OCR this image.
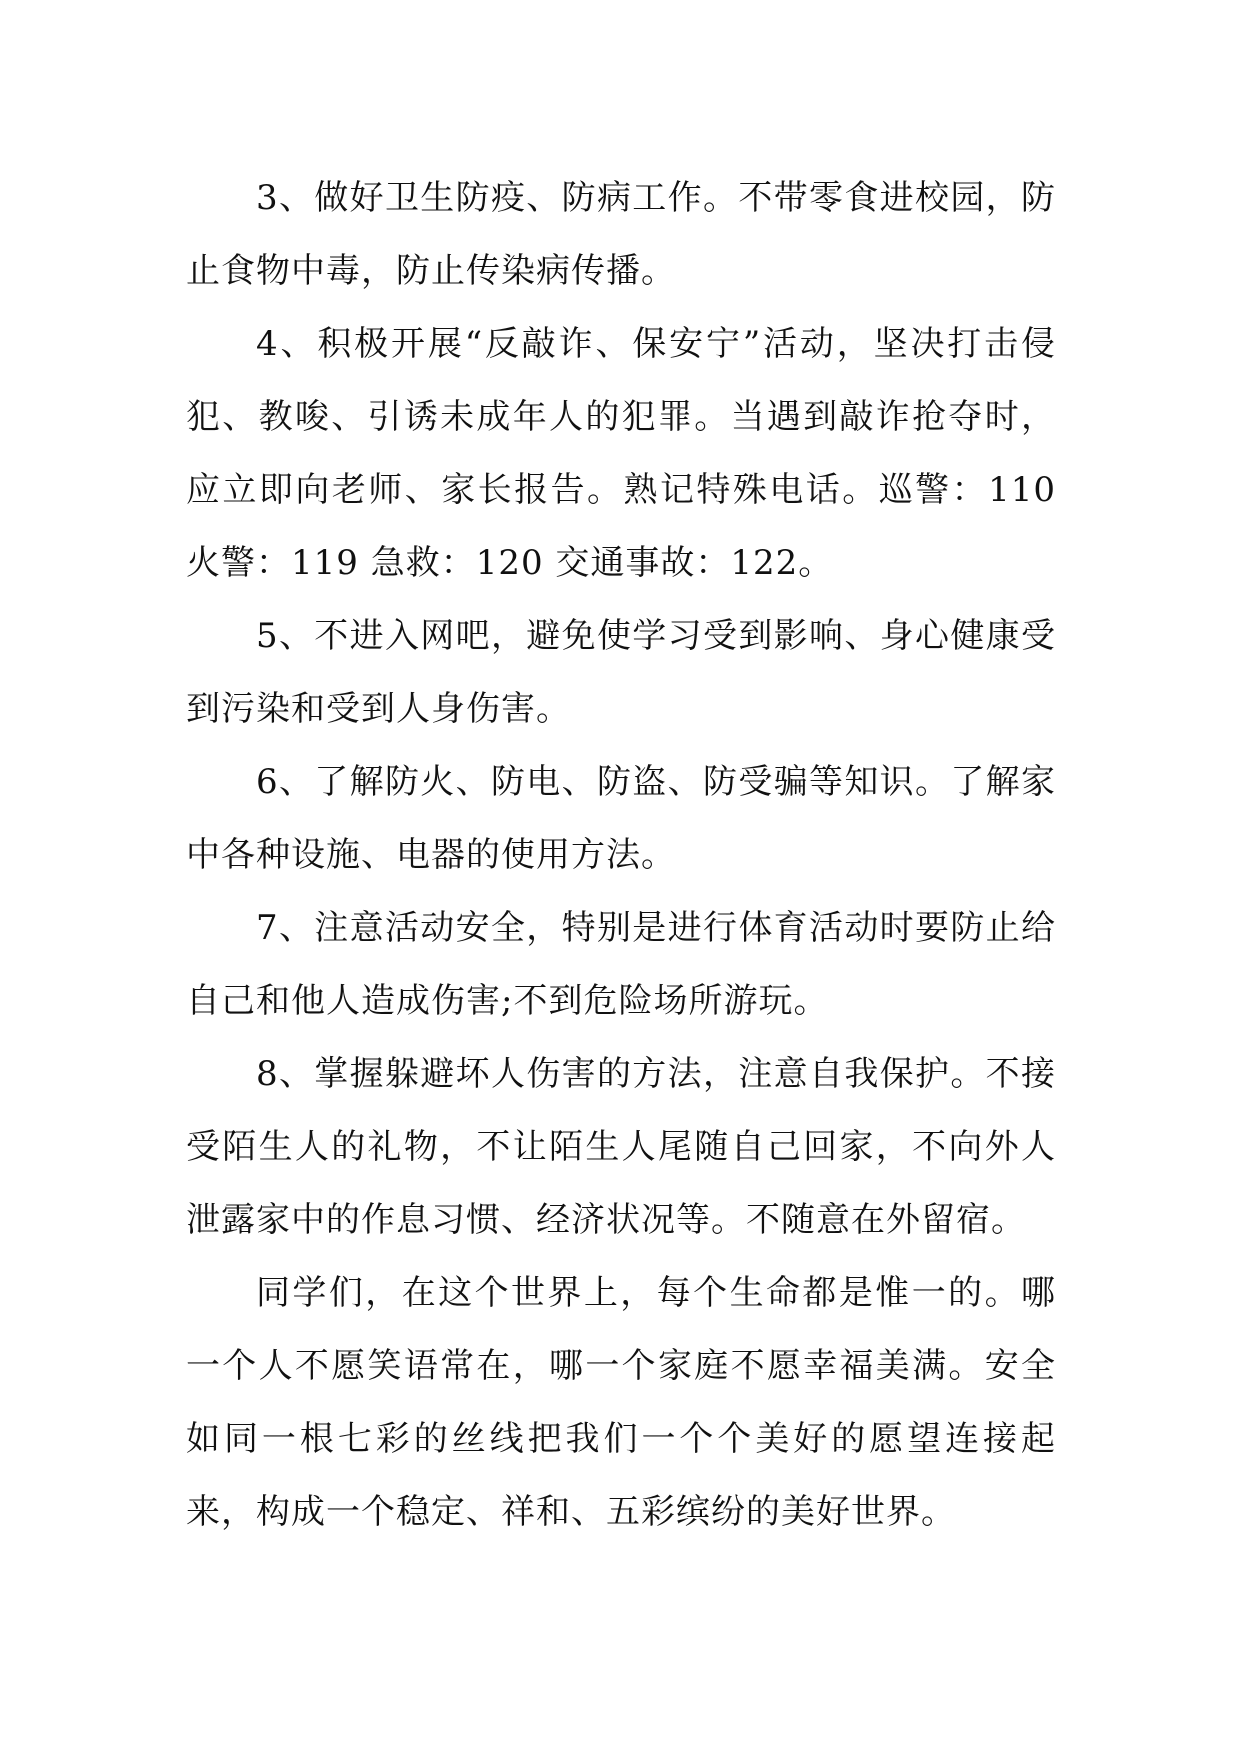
3、做好卫生防疫、防病工作。不带零食进校园，防止食物中毒，防止传染病传播。

4、积极开展“反敲诈、保安宁”活动，坚决打击侵犯、教唆、引诱未成年人的犯罪。当遇到敲诈抢夺时，应立即向老师、家长报告。熟记特殊电话。巡警：110 火警：119 急救：120 交通事故：122。

5、不进入网吧，避免使学习受到影响、身心健康受到污染和受到人身伤害。

6、了解防火、防电、防盗、防受骗等知识。了解家中各种设施、电器的使用方法。

7、注意活动安全，特别是进行体育活动时要防止给自己和他人造成伤害;不到危险场所游玩。

8、掌握躲避坏人伤害的方法，注意自我保护。不接受陌生人的礼物，不让陌生人尾随自己回家，不向外人泄露家中的作息习惯、经济状况等。不随意在外留宿。

同学们，在这个世界上，每个生命都是惟一的。哪一个人不愿笑语常在，哪一个家庭不愿幸福美满。安全如同一根七彩的丝线把我们一个个美好的愿望连接起来，构成一个稳定、祥和、五彩缤纷的美好世界。
